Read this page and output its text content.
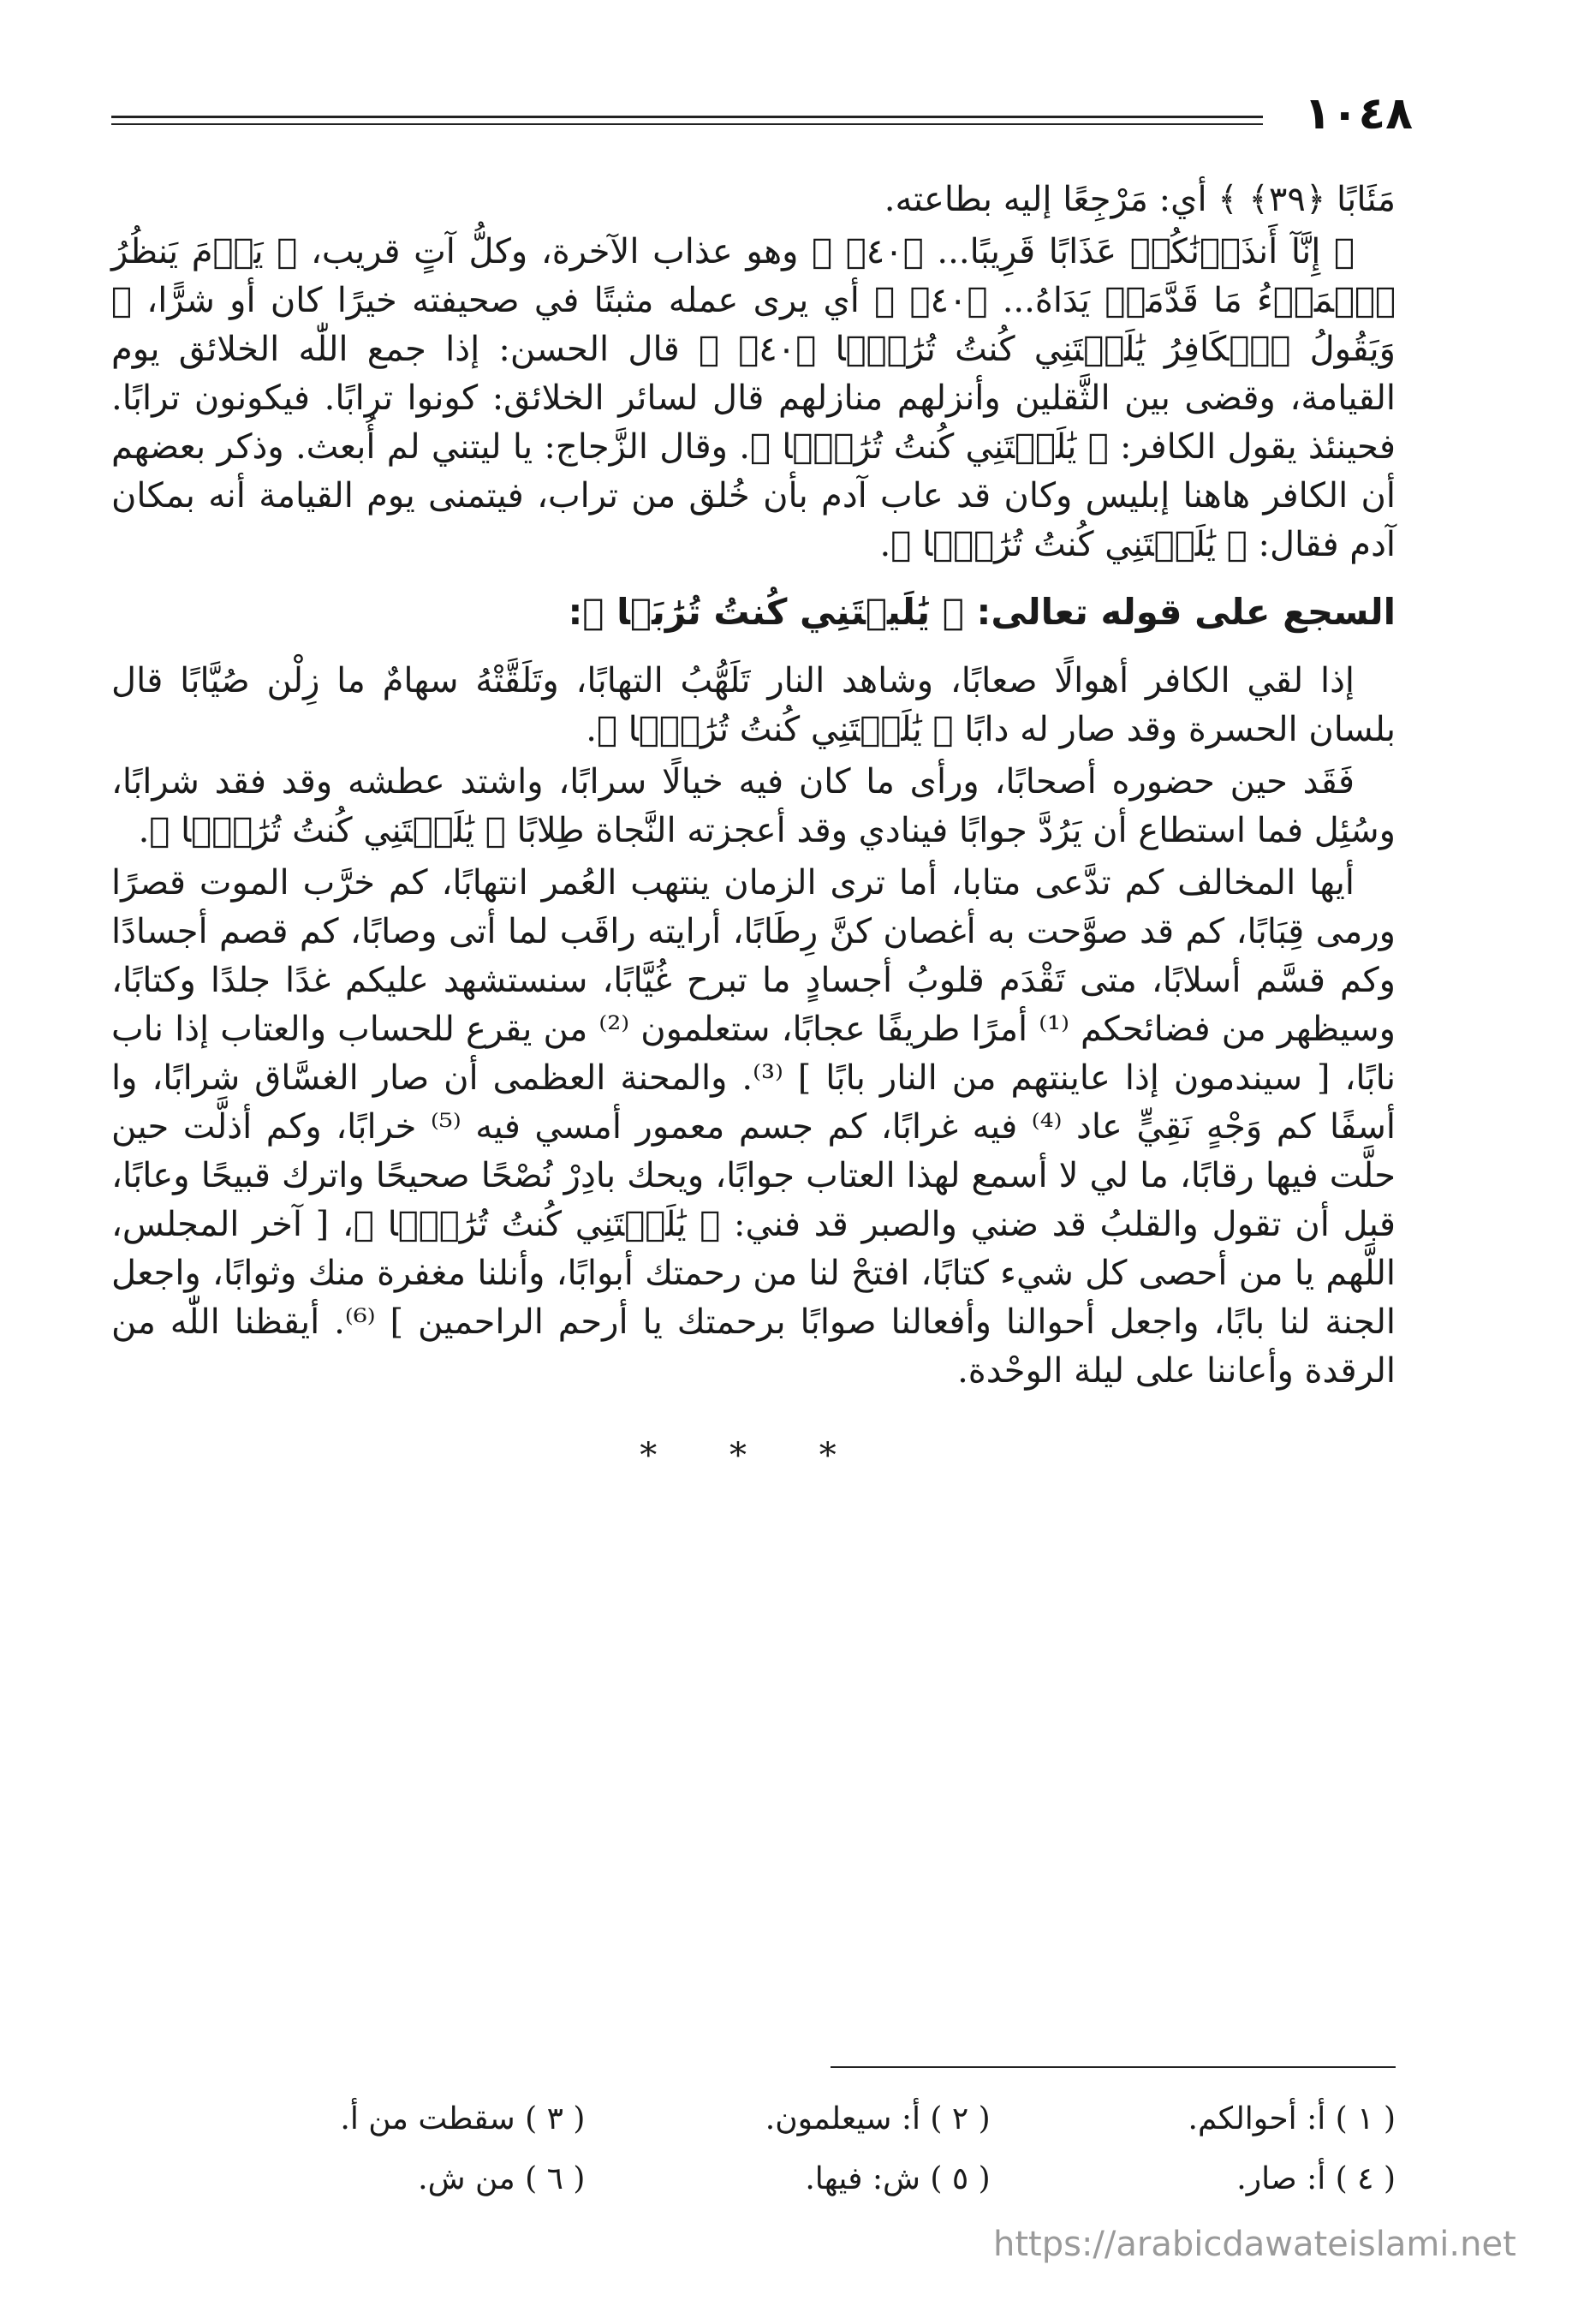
١٠٤٨

مَئَابًا ﴿٣٩﴾ ﴾ أي: مَرْجِعًا إليه بطاعته.

﴿ إِنَّآ أَنذَرۡنَٰكُمۡ عَذَابًا قَرِيبًا... ﴿٤٠﴾ ﴾ وهو عذاب الآخرة، وكلُّ آتٍ قريب، ﴿ يَوۡمَ يَنظُرُ ٱلۡمَرۡءُ مَا قَدَّمَتۡ يَدَاهُ... ﴿٤٠﴾ ﴾ أي يرى عمله مثبتًا في صحيفته خيرًا كان أو شرًّا، ﴿ وَيَقُولُ ٱلۡكَافِرُ يَٰلَيۡتَنِي كُنتُ تُرَٰبَۢا ﴿٤٠﴾ ﴾ قال الحسن: إذا جمع اللّٰه الخلائق يوم القيامة، وقضى بين الثَّقلين وأنزلهم منازلهم قال لسائر الخلائق: كونوا ترابًا. فيكونون ترابًا. فحينئذ يقول الكافر: ﴿ يَٰلَيۡتَنِي كُنتُ تُرَٰبَۢا ﴾. وقال الزَّجاج: يا ليتني لم أُبعث. وذكر بعضهم أن الكافر هاهنا إبليس وكان قد عاب آدم بأن خُلق من تراب، فيتمنى يوم القيامة أنه بمكان آدم فقال: ﴿ يَٰلَيۡتَنِي كُنتُ تُرَٰبَۢا ﴾.

السجع على قوله تعالى: ﴿ يَٰلَيۡتَنِي كُنتُ تُرَٰبَۢا ﴾:

إذا لقي الكافر أهوالًا صعابًا، وشاهد النار تَلَهُّبُ التهابًا، وتَلَقَّتْهُ سهامٌ ما زِلْن صُيَّابًا قال بلسان الحسرة وقد صار له دابًا ﴿ يَٰلَيۡتَنِي كُنتُ تُرَٰبَۢا ﴾.

فَقَد حين حضوره أصحابًا، ورأى ما كان فيه خيالًا سرابًا، واشتد عطشه وقد فقد شرابًا، وسُئِل فما استطاع أن يَرُدَّ جوابًا فينادي وقد أعجزته النَّجاة طِلابًا ﴿ يَٰلَيۡتَنِي كُنتُ تُرَٰبَۢا ﴾.

أيها المخالف كم تدَّعى متابا، أما ترى الزمان ينتهب العُمر انتهابًا، كم خرَّب الموت قصرًا ورمى قِبَابًا، كم قد صوَّحت به أغصان كنَّ رِطَابًا، أرايته راقَب لما أتى وصابًا، كم قصم أجسادًا وكم قسَّم أسلابًا، متى تَقْدَم قلوبُ أجسادٍ ما تبرح غُيَّابًا، سنستشهد عليكم غدًا جلدًا وكتابًا، وسيظهر من فضائحكم ⁽¹⁾ أمرًا طريفًا عجابًا، ستعلمون ⁽²⁾ من يقرع للحساب والعتاب إذا ناب نابًا، [ سيندمون إذا عاينتهم من النار بابًا ] ⁽³⁾. والمحنة العظمى أن صار الغسَّاق شرابًا، وا أسفًا كم وَجْهٍ نَقِيٍّ عاد ⁽⁴⁾ فيه غرابًا، كم جسم معمور أمسي فيه ⁽⁵⁾ خرابًا، وكم أذلَّت حين حلَّت فيها رقابًا، ما لي لا أسمع لهذا العتاب جوابًا، ويحك بادِرْ نُصْحًا صحيحًا واترك قبيحًا وعابًا، قبل أن تقول والقلبُ قد ضني والصبر قد فني: ﴿ يَٰلَيۡتَنِي كُنتُ تُرَٰبَۢا ﴾، [ آخر المجلس، اللَّهم يا من أحصى كل شيء كتابًا، افتحْ لنا من رحمتك أبوابًا، وأنلنا مغفرة منك وثوابًا، واجعل الجنة لنا بابًا، واجعل أحوالنا وأفعالنا صوابًا برحمتك يا أرحم الراحمين ] ⁽⁶⁾. أيقظنا اللّٰه من الرقدة وأعاننا على ليلة الوحْدة.

* * *

( ١ ) أ: أحوالكم.
( ٢ ) أ: سيعلمون.
( ٣ ) سقطت من أ.
( ٤ ) أ: صار.
( ٥ ) ش: فيها.
( ٦ ) من ش.
https://arabicdawateislami.net
